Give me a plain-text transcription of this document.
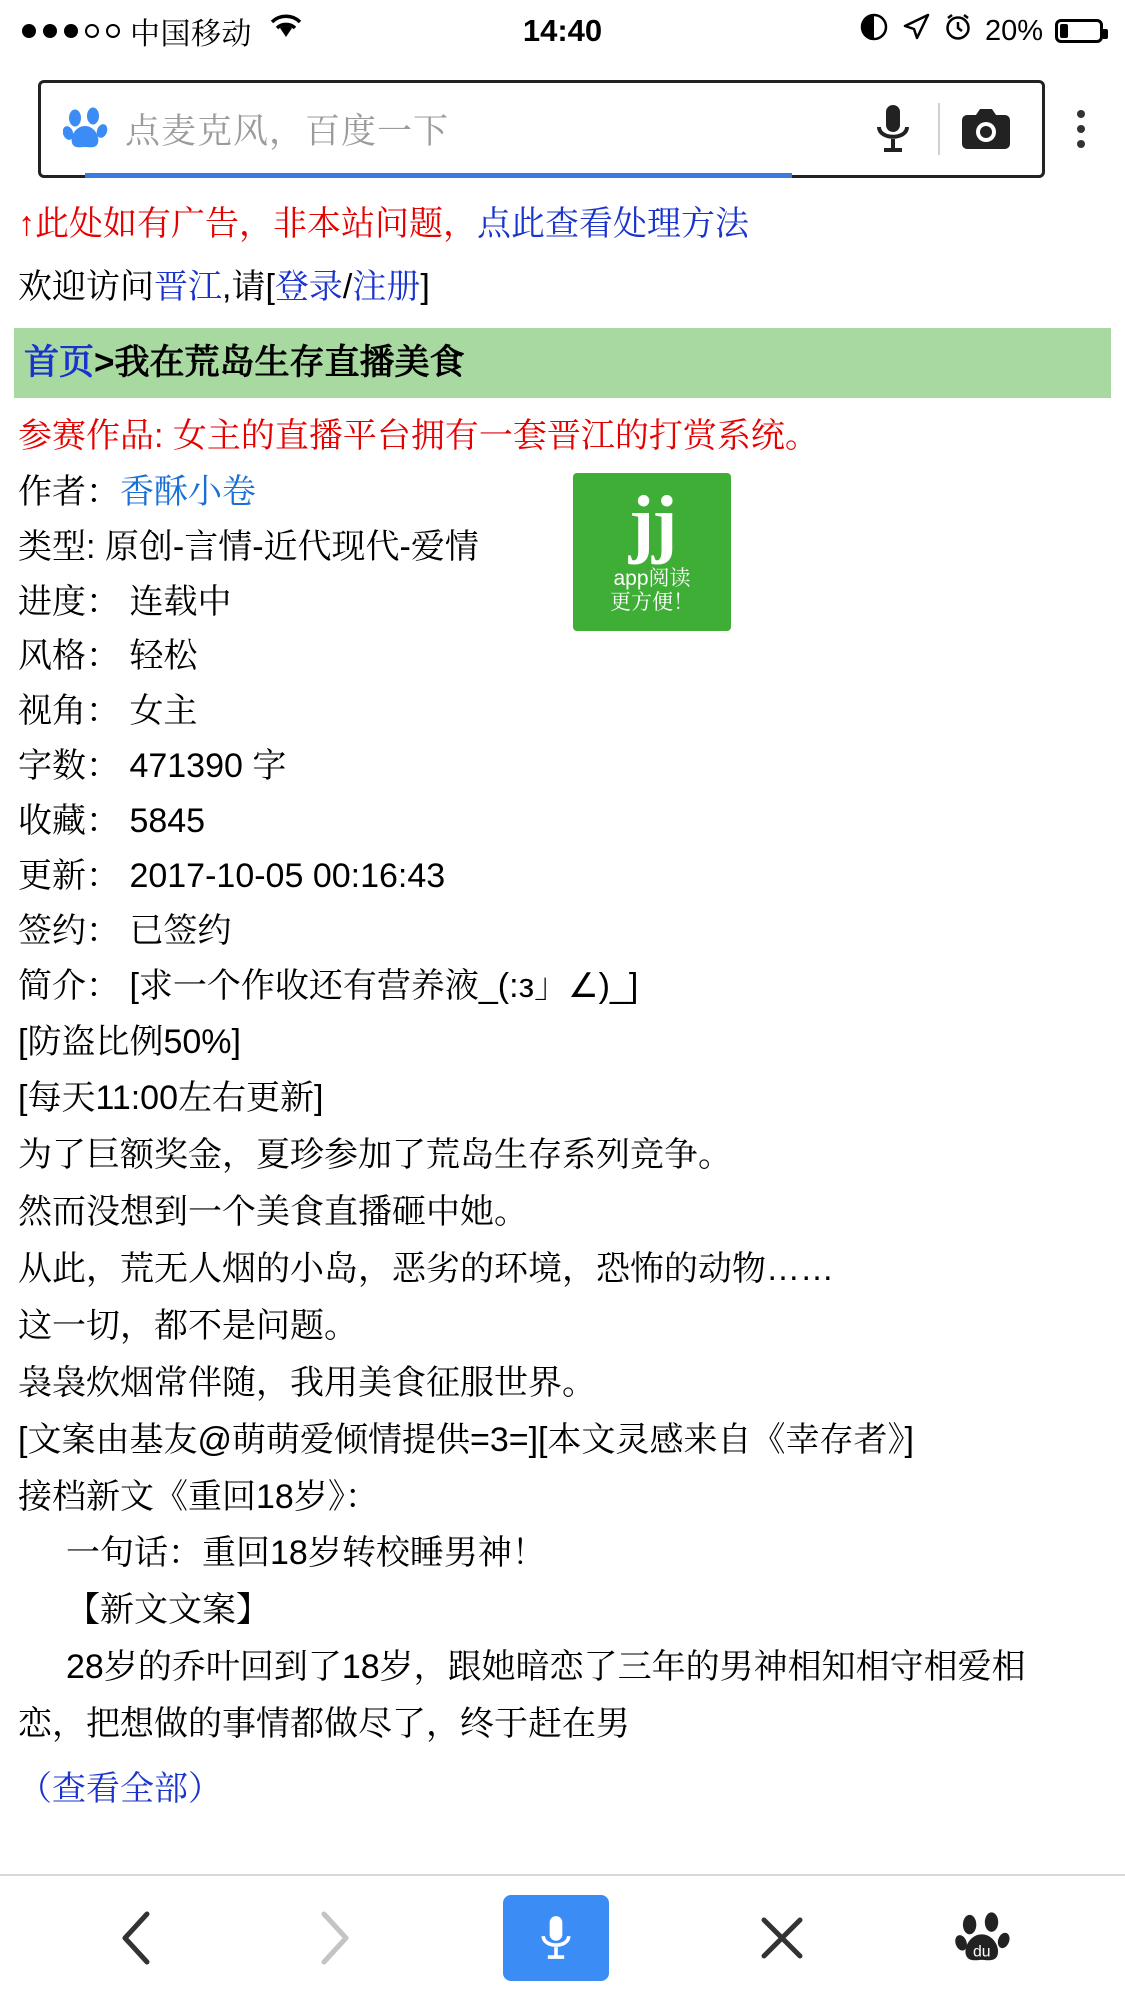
中国移动	14:40	20%
点麦克风，百度一下
↑此处如有广告，非本站问题，点此查看处理方法
欢迎访问晋江,请[登录/注册]
首页>我在荒岛生存直播美食
参赛作品: 女主的直播平台拥有一套晋江的打赏系统。
jj
app阅读
更方便！
作者：香酥小卷
类型: 原创-言情-近代现代-爱情
进度： 连载中
风格： 轻松
视角： 女主
字数： 471390 字
收藏： 5845
更新： 2017-10-05 00:16:43
签约： 已签约
简介： [求一个作收还有营养液_(:з」∠)_]

[防盗比例50%]

[每天11:00左右更新]

为了巨额奖金，夏珍参加了荒岛生存系列竞争。

然而没想到一个美食直播砸中她。

从此，荒无人烟的小岛，恶劣的环境，恐怖的动物……

这一切，都不是问题。

袅袅炊烟常伴随，我用美食征服世界。

[文案由基友@萌萌爱倾情提供=3=][本文灵感来自《幸存者》]

接档新文《重回18岁》：

一句话：重回18岁转校睡男神！

【新文文案】

28岁的乔叶回到了18岁，跟她暗恋了三年的男神相知相守相爱相

恋，把想做的事情都做尽了，终于赶在男

（查看全部）
du
